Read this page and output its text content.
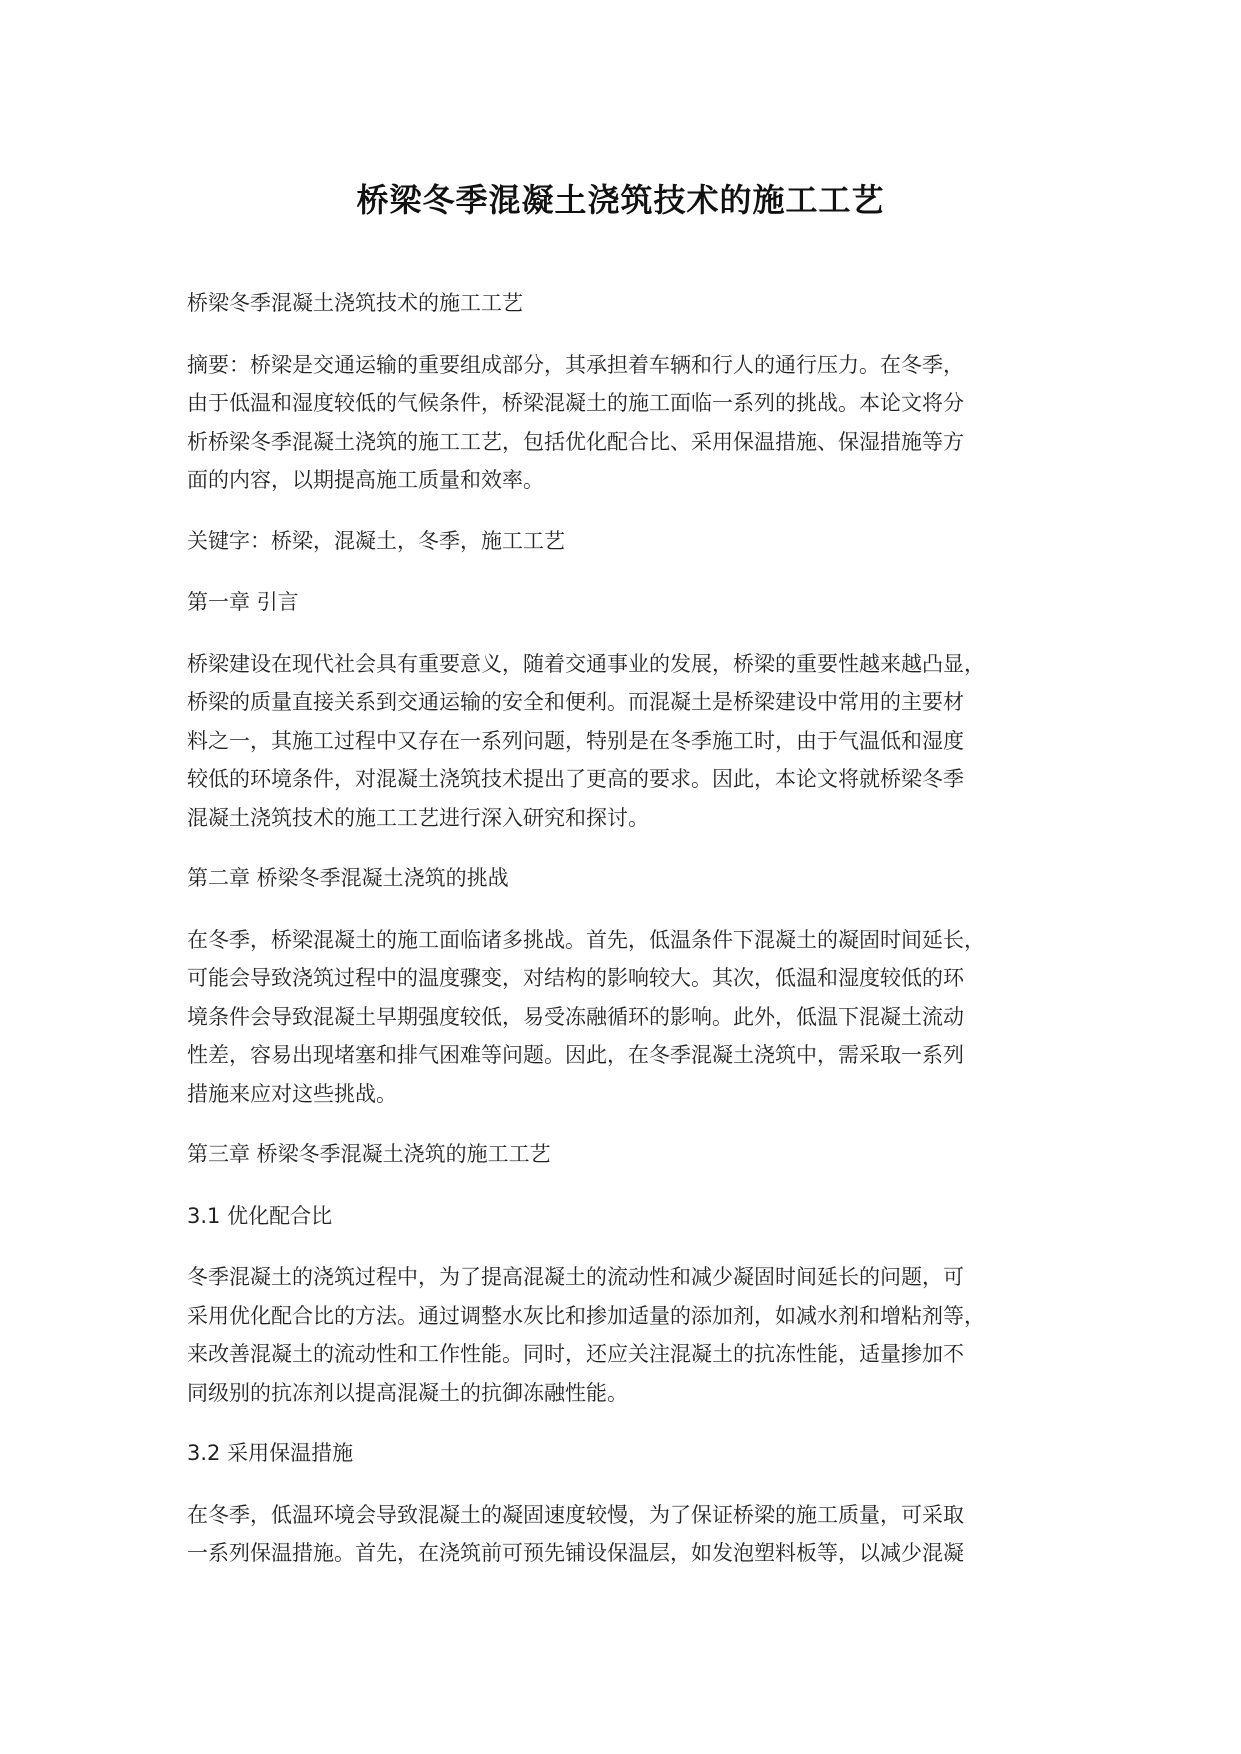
桥梁冬季混凝土浇筑技术的施工工艺

桥梁冬季混凝土浇筑技术的施工工艺

摘要：桥梁是交通运输的重要组成部分，其承担着车辆和行人的通行压力。在冬季，
由于低温和湿度较低的气候条件，桥梁混凝土的施工面临一系列的挑战。本论文将分
析桥梁冬季混凝土浇筑的施工工艺，包括优化配合比、采用保温措施、保湿措施等方
面的内容，以期提高施工质量和效率。

关键字：桥梁，混凝土，冬季，施工工艺

第一章 引言

桥梁建设在现代社会具有重要意义，随着交通事业的发展，桥梁的重要性越来越凸显，
桥梁的质量直接关系到交通运输的安全和便利。而混凝土是桥梁建设中常用的主要材
料之一，其施工过程中又存在一系列问题，特别是在冬季施工时，由于气温低和湿度
较低的环境条件，对混凝土浇筑技术提出了更高的要求。因此，本论文将就桥梁冬季
混凝土浇筑技术的施工工艺进行深入研究和探讨。

第二章 桥梁冬季混凝土浇筑的挑战

在冬季，桥梁混凝土的施工面临诸多挑战。首先，低温条件下混凝土的凝固时间延长，
可能会导致浇筑过程中的温度骤变，对结构的影响较大。其次，低温和湿度较低的环
境条件会导致混凝土早期强度较低，易受冻融循环的影响。此外，低温下混凝土流动
性差，容易出现堵塞和排气困难等问题。因此，在冬季混凝土浇筑中，需采取一系列
措施来应对这些挑战。

第三章 桥梁冬季混凝土浇筑的施工工艺

3.1 优化配合比

冬季混凝土的浇筑过程中，为了提高混凝土的流动性和减少凝固时间延长的问题，可
采用优化配合比的方法。通过调整水灰比和掺加适量的添加剂，如减水剂和增粘剂等，
来改善混凝土的流动性和工作性能。同时，还应关注混凝土的抗冻性能，适量掺加不
同级别的抗冻剂以提高混凝土的抗御冻融性能。

3.2 采用保温措施

在冬季，低温环境会导致混凝土的凝固速度较慢，为了保证桥梁的施工质量，可采取
一系列保温措施。首先，在浇筑前可预先铺设保温层，如发泡塑料板等，以减少混凝
